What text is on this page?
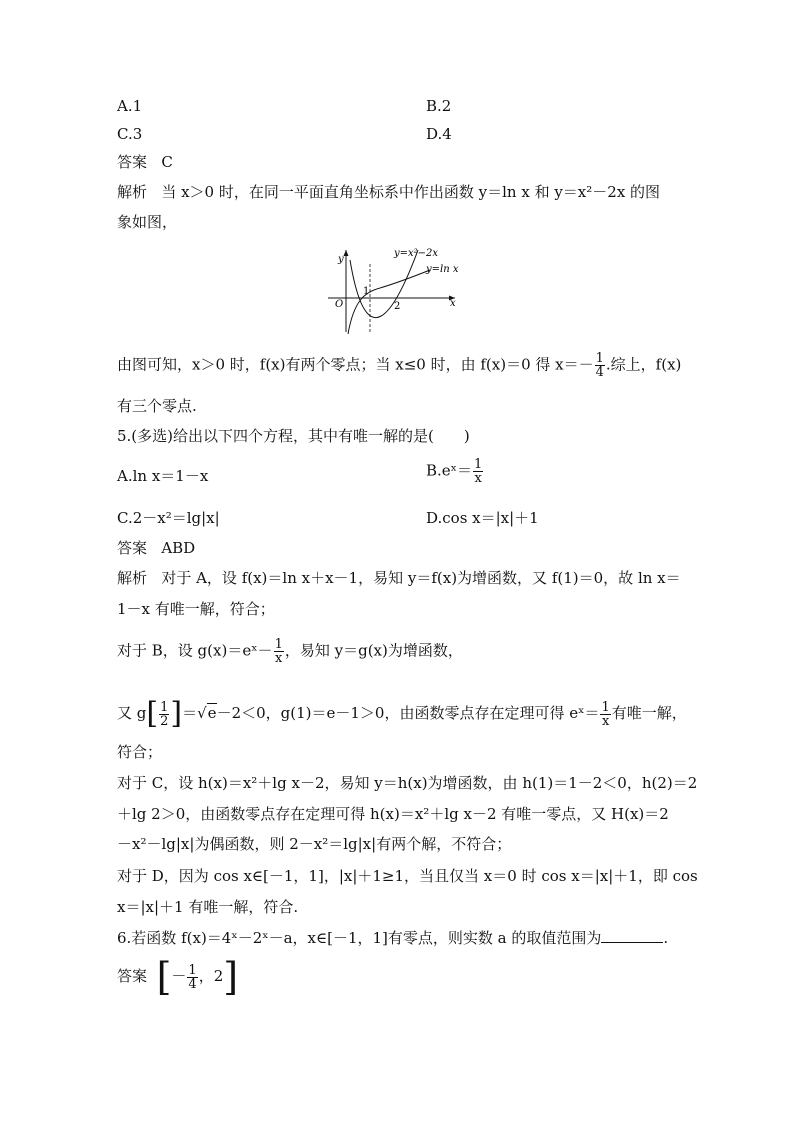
A.1	B.2
C.3	D.4
答案 C
解析 当 x＞0 时，在同一平面直角坐标系中作出函数 y＝ln x 和 y＝x²－2x 的图
象如图，
y
x
O
1
2
y=x²−2x
y=ln x
由图可知，x＞0 时，f(x)有两个零点；当 x≤0 时，由 f(x)＝0 得 $x=- \frac{1}{4}$ .综上，f(x)
有三个零点.
5.(多选)给出以下四个方程，其中有唯一解的是(　　)
A.ln x＝1－x	B.eˣ＝ $\frac{1}{x}$
C.2－x²＝lg|x|	D.cos x＝|x|＋1
答案 ABD
解析 对于 A，设 f(x)＝ln x＋x－1，易知 y＝f(x)为增函数，又 f(1)＝0，故 ln x＝
1－x 有唯一解，符合；
对于 B，设 g(x)＝eˣ－ $\frac{1}{x}$ ，易知 y＝g(x)为增函数，
又 $g[ \frac{1}{2} ]=√e-2<0$，g(1)＝e－1＞0，由函数零点存在定理可得 eˣ＝ $\frac{1}{x}$ 有唯一解，
符合；
对于 C，设 h(x)＝x²＋lg x－2，易知 y＝h(x)为增函数，由 h(1)＝1－2＜0，h(2)＝2
＋lg 2＞0，由函数零点存在定理可得 h(x)＝x²＋lg x－2 有唯一零点，又 H(x)＝2
－x²－lg|x|为偶函数，则 2－x²＝lg|x|有两个解，不符合；
对于 D，因为 cos x∈[－1，1]，|x|＋1≥1，当且仅当 x＝0 时 cos x＝|x|＋1，即 cos
x＝|x|＋1 有唯一解，符合.
6.若函数 f(x)＝4ˣ－2ˣ－a，x∈[－1，1]有零点，则实数 a 的取值范围为	.
答案 [－ $\frac{1}{4}$ ，2]
